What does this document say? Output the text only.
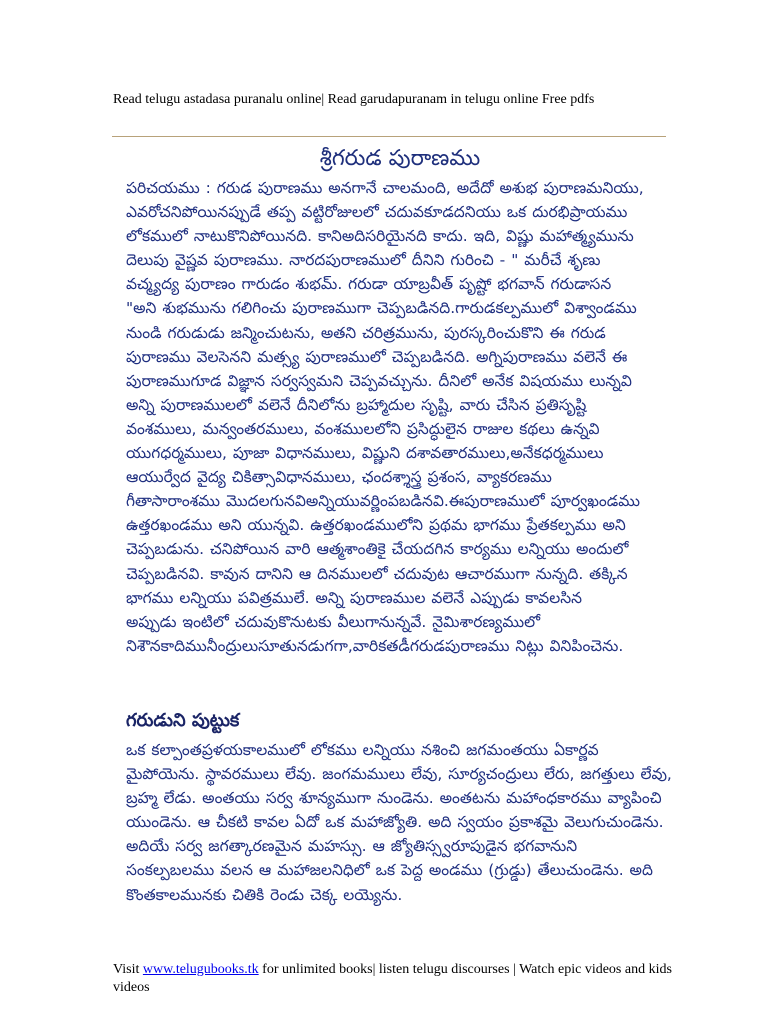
Read telugu astadasa puranalu online| Read garudapuranam in telugu online Free pdfs
శ్రీగరుడ పురాణము
పరిచయము : గరుడ పురాణము అనగానే చాలమంది, అదేదో అశుభ పురాణమనియు,
ఎవరోచనిపోయినప్పుడే తప్ప వట్టిరోజులలో చదువకూడదనియు ఒక దురభిప్రాయము
లోకములో నాటుకొనిపోయినది. కానిఅదిసరియైనది కాదు. ఇది, విష్ణు మహాత్మ్యమును
దెలుపు వైష్ణవ పురాణము. నారదపురాణములో దీనిని గురించి - " మరీచే శృణు
వచ్మ్యద్య పురాణం గారుడం శుభమ్. గరుడా యాబ్రవీత్ పృష్టో భగవాన్ గరుడాసన
"అని శుభమును గలిగించు పురాణముగా చెప్పబడినది.గారుడకల్పములో విశ్వాండము
నుండి గరుడుడు జన్మించుటను, అతని చరిత్రమును, పురస్కరించుకొని ఈ గరుడ
పురాణము వెలసెనని మత్స్య పురాణములో చెప్పబడినది. అగ్నిపురాణము వలెనే ఈ
పురాణముగూడ విజ్ఞాన సర్వస్వమని చెప్పవచ్చును. దీనిలో అనేక విషయము లున్నవి
అన్ని పురాణములలో వలెనే దీనిలోను బ్రహ్మాదుల సృష్టి, వారు చేసిన ప్రతిసృష్టి
వంశములు, మన్వంతరములు, వంశములలోని ప్రసిద్ధులైన రాజుల కథలు ఉన్నవి
యుగధర్మములు, పూజా విధానములు, విష్ణుని దశావతారములు,అనేకధర్మములు
ఆయుర్వేద వైద్య చికిత్సావిధానములు, ఛందశ్శాస్త్ర ప్రశంస, వ్యాకరణము
గీతాసారాంశము మొదలగునవిఅన్నియువర్ణింపబడినవి.ఈపురాణములో పూర్వఖండము
ఉత్తరఖండము అని యున్నవి. ఉత్తరఖండములోని ప్రథమ భాగము ప్రేతకల్పము అని
చెప్పబడును. చనిపోయిన వారి ఆత్మశాంతికై చేయదగిన కార్యము లన్నియు అందులో
చెప్పబడినవి. కావున దానిని ఆ దినములలో చదువుట ఆచారముగా నున్నది. తక్కిన
భాగము లన్నియు పవిత్రములే. అన్ని పురాణముల వలెనే ఎప్పుడు కావలసిన
అప్పుడు ఇంటిలో చదువుకొనుటకు వీలుగానున్నవే. నైమిశారణ్యములో
నిశౌనకాదిమునీంద్రులుసూతునడుగగా,వారికతడీగరుడపురాణము నిట్లు వినిపించెను.
గరుడుని పుట్టుక
ఒక కల్పాంతప్రళయకాలములో లోకము లన్నియు నశించి జగమంతయు ఏకార్ణవ
మైపోయెను. స్థావరములు లేవు. జంగమములు లేవు, సూర్యచంద్రులు లేరు, జగత్తులు లేవు,
బ్రహ్మ లేడు. అంతయు సర్వ శూన్యముగా నుండెను. అంతటను మహాంధకారము వ్యాపించి
యుండెను. ఆ చీకటి కావల ఏదో ఒక మహాజ్యోతి. అది స్వయం ప్రకాశమై వెలుగుచుండెను.
అదియే సర్వ జగత్కారణమైన మహస్సు. ఆ జ్యోతిస్స్వరూపుడైన భగవానుని
సంకల్పబలము వలన ఆ మహాజలనిధిలో ఒక పెద్ద అండము (గ్రుడ్డు) తేలుచుండెను. అది
కొంతకాలమునకు చితికి రెండు చెక్క లయ్యెను.
Visit www.telugubooks.tk for unlimited books| listen telugu discourses | Watch epic videos and kids videos
